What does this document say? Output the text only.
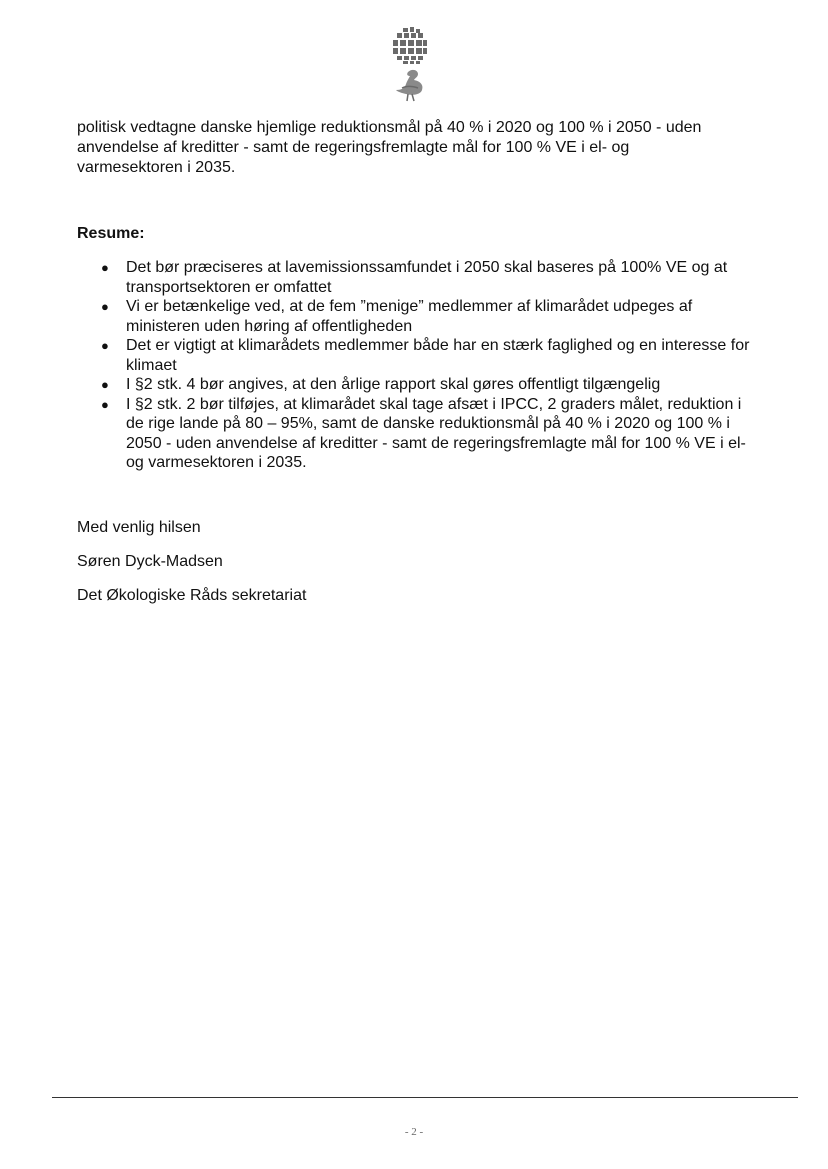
politisk vedtagne danske hjemlige reduktionsmål på 40 % i 2020 og 100 % i 2050 - uden anvendelse af kreditter - samt de regeringsfremlagte mål for 100 % VE i el- og varmesektoren i 2035.

Resume:

● Det bør præciseres at lavemissionssamfundet i 2050 skal baseres på 100% VE og at transportsektoren er omfattet
● Vi er betænkelige ved, at de fem ”menige” medlemmer af klimarådet udpeges af ministeren uden høring af offentligheden
● Det er vigtigt at klimarådets medlemmer både har en stærk faglighed og en interesse for klimaet
● I §2 stk. 4 bør angives, at den årlige rapport skal gøres offentligt tilgængelig
● I §2 stk. 2 bør tilføjes, at klimarådet skal tage afsæt i IPCC, 2 graders målet, reduktion i de rige lande på 80 – 95%, samt de danske reduktionsmål på 40 % i 2020 og 100 % i 2050 - uden anvendelse af kreditter - samt de regeringsfremlagte mål for 100 % VE i el- og varmesektoren i 2035.

Med venlig hilsen

Søren Dyck-Madsen

Det Økologiske Råds sekretariat

- 2 -
